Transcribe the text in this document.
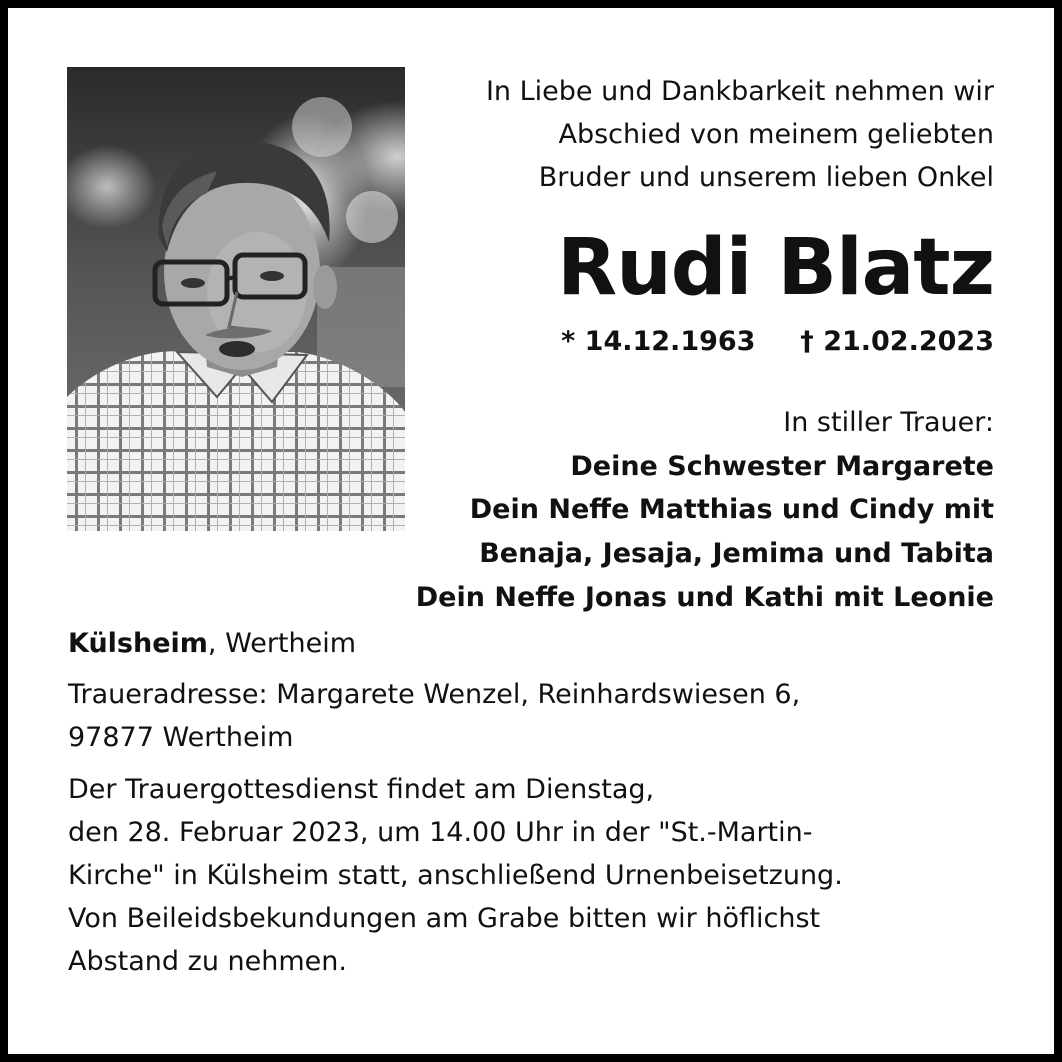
In Liebe und Dankbarkeit nehmen wir
Abschied von meinem geliebten
Bruder und unserem lieben Onkel
Rudi Blatz
* 14.12.1963 † 21.02.2023
In stiller Trauer:
Deine Schwester Margarete
Dein Neffe Matthias und Cindy mit
Benaja, Jesaja, Jemima und Tabita
Dein Neffe Jonas und Kathi mit Leonie

Külsheim, Wertheim

Traueradresse: Margarete Wenzel, Reinhardswiesen 6,
97877 Wertheim

Der Trauergottesdienst findet am Dienstag,
den 28. Februar 2023, um 14.00 Uhr in der "St.-Martin-
Kirche" in Külsheim statt, anschließend Urnenbeisetzung.
Von Beileidsbekundungen am Grabe bitten wir höflichst
Abstand zu nehmen.
